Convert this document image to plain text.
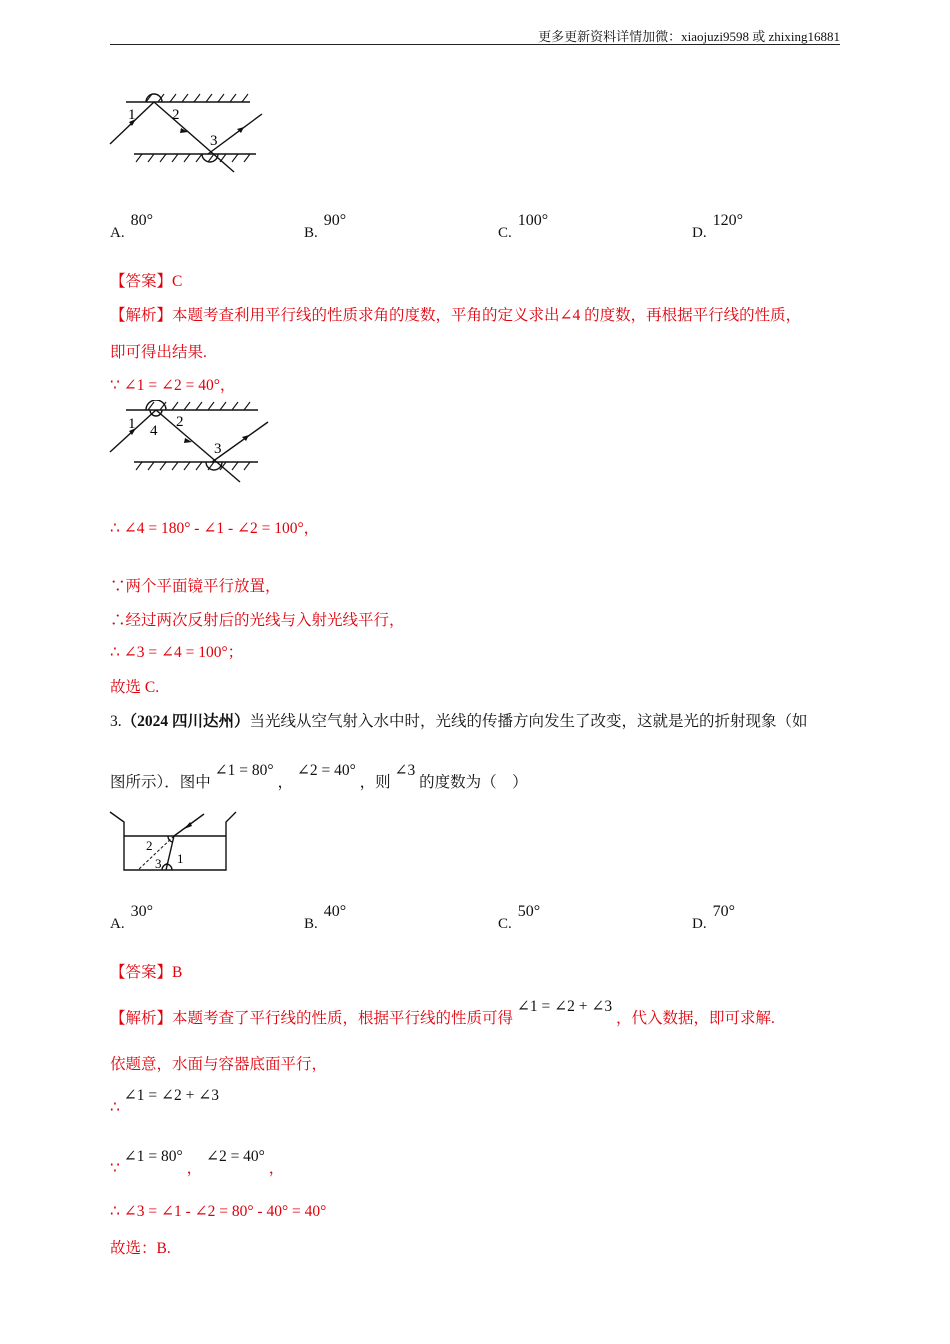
更多更新资料详情加微：xiaojuzi9598 或 zhixing16881
1 2
3
A.80°
B.90°
C.100°
D.120°
【答案】C
【解析】本题考查利用平行线的性质求角的度数，平角的定义求出∠4 的度数，再根据平行线的性质，
即可得出结果.
∵ ∠1 = ∠2 = 40°，
1 4
2
3
∴ ∠4 = 180° - ∠1 - ∠2 = 100°，
∵两个平面镜平行放置，
∴经过两次反射后的光线与入射光线平行，
∴ ∠3 = ∠4 = 100°；
故选 C.
3.（2024 四川达州）当光线从空气射入水中时，光线的传播方向发生了改变，这就是光的折射现象（如
图所示）．图中 ∠1 = 80° ， ∠2 = 40° ，则 ∠3 的度数为（　）
2
3 1
A.30°
B.40°
C.50°
D.70°
【答案】B
【解析】本题考查了平行线的性质，根据平行线的性质可得 ∠1 = ∠2 + ∠3 ，代入数据，即可求解.
依题意，水面与容器底面平行，
∴ ∠1 = ∠2 + ∠3
∵ ∠1 = 80° ， ∠2 = 40° ，
∴ ∠3 = ∠1 - ∠2 = 80° - 40° = 40°
故选：B.
